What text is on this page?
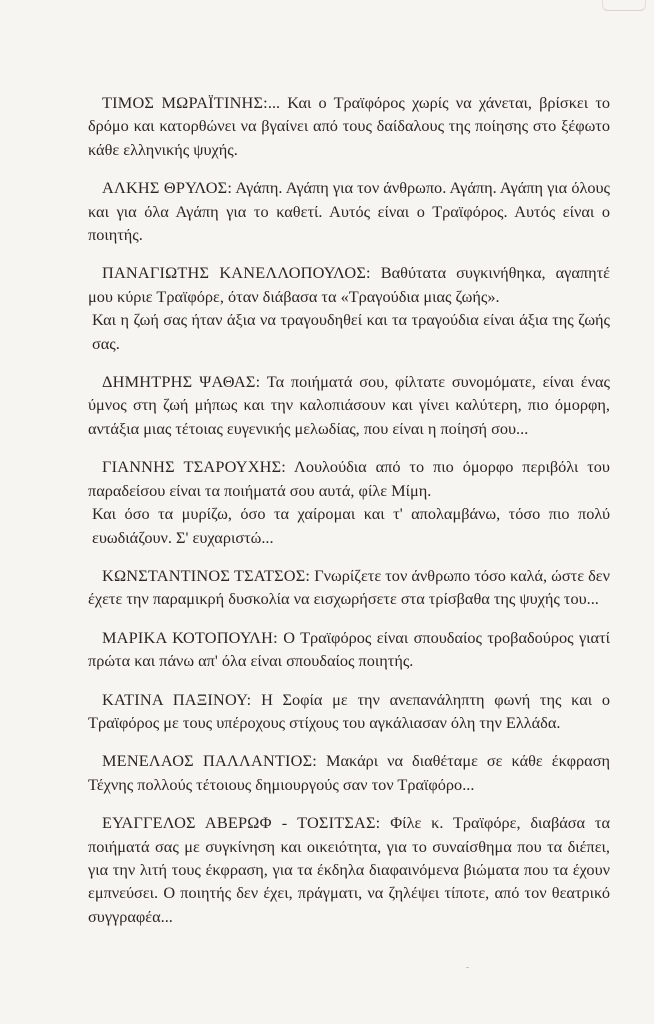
ΤΙΜΟΣ ΜΩΡΑΪΤΙΝΗΣ:... Και ο Τραϊφόρος χωρίς να χάνεται, βρίσκει το δρόμο και κατορθώνει να βγαίνει από τους δαίδαλους της ποίησης στο ξέφωτο κάθε ελληνικής ψυχής.

ΑΛΚΗΣ ΘΡΥΛΟΣ: Αγάπη. Αγάπη για τον άνθρωπο. Αγάπη. Αγάπη για όλους και για όλα Αγάπη για το καθετί. Αυτός είναι ο Τραϊφόρος. Αυτός είναι ο ποιητής.

ΠΑΝΑΓΙΩΤΗΣ ΚΑΝΕΛΛΟΠΟΥΛΟΣ: Βαθύτατα συγκινήθηκα, αγαπητέ μου κύριε Τραϊφόρε, όταν διάβασα τα «Τραγούδια μιας ζωής».

Και η ζωή σας ήταν άξια να τραγουδηθεί και τα τραγούδια είναι άξια της ζωής σας.

ΔΗΜΗΤΡΗΣ ΨΑΘΑΣ: Τα ποιήματά σου, φίλτατε συνομόματε, είναι ένας ύμνος στη ζωή μήπως και την καλοπιάσουν και γίνει καλύτερη, πιο όμορφη, αντάξια μιας τέτοιας ευγενικής μελωδίας, που είναι η ποίησή σου...

ΓΙΑΝΝΗΣ ΤΣΑΡΟΥΧΗΣ: Λουλούδια από το πιο όμορφο περιβόλι του παραδείσου είναι τα ποιήματά σου αυτά, φίλε Μίμη.

Και όσο τα μυρίζω, όσο τα χαίρομαι και τ' απολαμβάνω, τόσο πιο πολύ ευωδιάζουν. Σ' ευχαριστώ...

ΚΩΝΣΤΑΝΤΙΝΟΣ ΤΣΑΤΣΟΣ: Γνωρίζετε τον άνθρωπο τόσο καλά, ώστε δεν έχετε την παραμικρή δυσκολία να εισχωρήσετε στα τρίσβαθα της ψυχής του...

ΜΑΡΙΚΑ ΚΟΤΟΠΟΥΛΗ: Ο Τραϊφόρος είναι σπουδαίος τροβαδούρος γιατί πρώτα και πάνω απ' όλα είναι σπουδαίος ποιητής.

ΚΑΤΙΝΑ ΠΑΞΙΝΟΥ: Η Σοφία με την ανεπανάληπτη φωνή της και ο Τραϊφόρος με τους υπέροχους στίχους του αγκάλιασαν όλη την Ελλάδα.

ΜΕΝΕΛΑΟΣ ΠΑΛΛΑΝΤΙΟΣ: Μακάρι να διαθέταμε σε κάθε έκφραση Τέχνης πολλούς τέτοιους δημιουργούς σαν τον Τραϊφόρο...

ΕΥΑΓΓΕΛΟΣ ΑΒΕΡΩΦ - ΤΟΣΙΤΣΑΣ: Φίλε κ. Τραϊφόρε, διαβάσα τα ποιήματά σας με συγκίνηση και οικειότητα, για το συναίσθημα που τα διέπει, για την λιτή τους έκφραση, για τα έκδηλα διαφαινόμενα βιώματα που τα έχουν εμπνεύσει. Ο ποιητής δεν έχει, πράγματι, να ζηλέψει τίποτε, από τον θεατρικό συγγραφέα...
